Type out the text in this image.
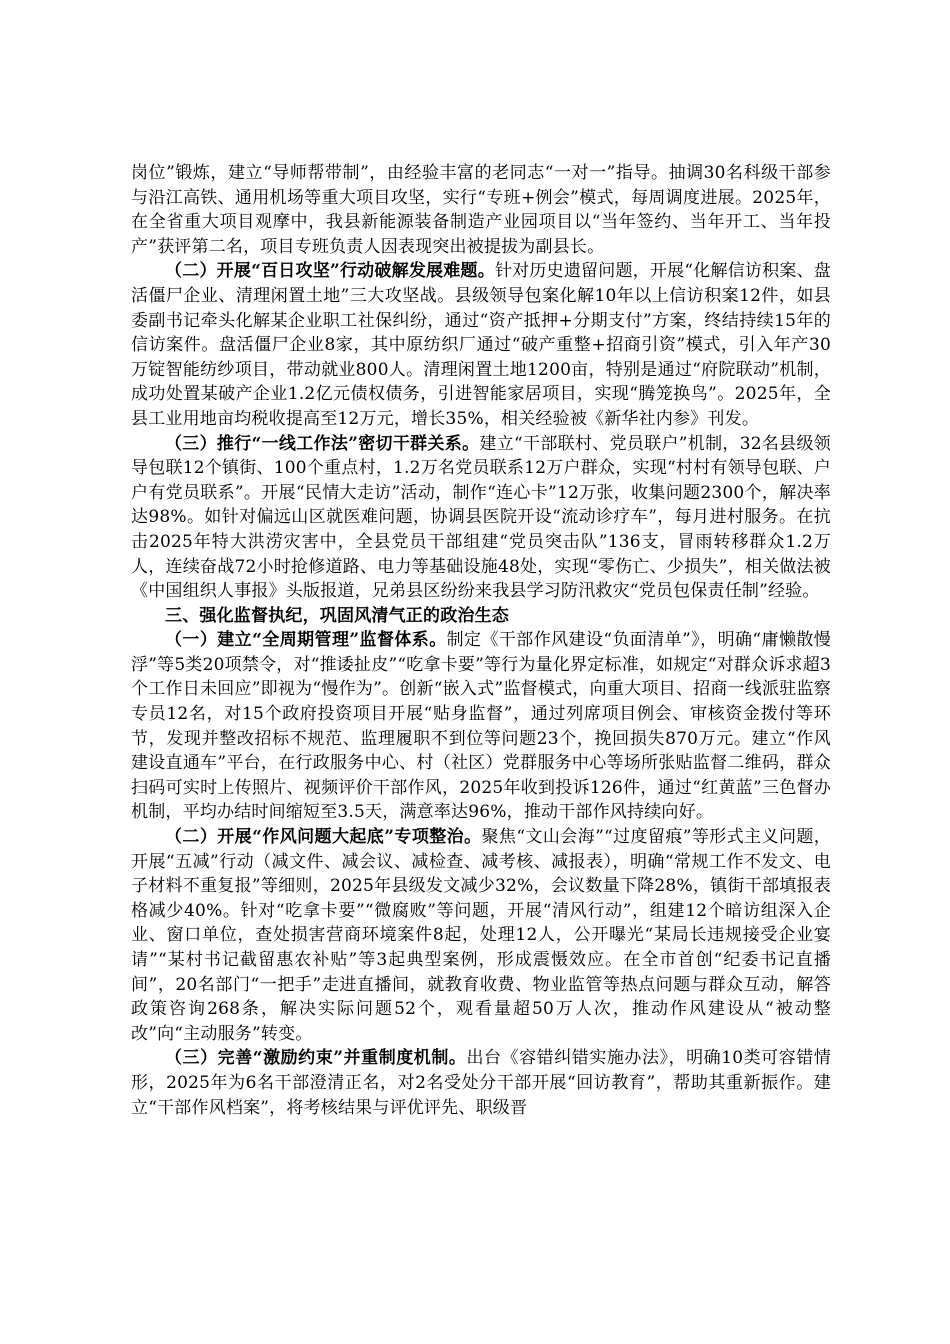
岗位”锻炼，建立“导师帮带制”，由经验丰富的老同志“一对一”指导。抽调30名科级干部参与沿江高铁、通用机场等重大项目攻坚，实行“专班+例会”模式，每周调度进展。2025年，在全省重大项目观摩中，我县新能源装备制造产业园项目以“当年签约、当年开工、当年投产”获评第二名，项目专班负责人因表现突出被提拔为副县长。

（二）开展“百日攻坚”行动破解发展难题。针对历史遗留问题，开展“化解信访积案、盘活僵尸企业、清理闲置土地”三大攻坚战。县级领导包案化解10年以上信访积案12件，如县委副书记牵头化解某企业职工社保纠纷，通过“资产抵押+分期支付”方案，终结持续15年的信访案件。盘活僵尸企业8家，其中原纺织厂通过“破产重整+招商引资”模式，引入年产30万锭智能纺纱项目，带动就业800人。清理闲置土地1200亩，特别是通过“府院联动”机制，成功处置某破产企业1.2亿元债权债务，引进智能家居项目，实现“腾笼换鸟”。2025年，全县工业用地亩均税收提高至12万元，增长35%，相关经验被《新华社内参》刊发。

（三）推行“一线工作法”密切干群关系。建立“干部联村、党员联户”机制，32名县级领导包联12个镇街、100个重点村，1.2万名党员联系12万户群众，实现“村村有领导包联、户户有党员联系”。开展“民情大走访”活动，制作“连心卡”12万张，收集问题2300个，解决率达98%。如针对偏远山区就医难问题，协调县医院开设“流动诊疗车”，每月进村服务。在抗击2025年特大洪涝灾害中，全县党员干部组建“党员突击队”136支，冒雨转移群众1.2万人，连续奋战72小时抢修道路、电力等基础设施48处，实现“零伤亡、少损失”，相关做法被《中国组织人事报》头版报道，兄弟县区纷纷来我县学习防汛救灾“党员包保责任制”经验。

三、强化监督执纪，巩固风清气正的政治生态

（一）建立“全周期管理”监督体系。制定《干部作风建设“负面清单”》，明确“庸懒散慢浮”等5类20项禁令，对“推诿扯皮”“吃拿卡要”等行为量化界定标准，如规定“对群众诉求超3个工作日未回应”即视为“慢作为”。创新“嵌入式”监督模式，向重大项目、招商一线派驻监察专员12名，对15个政府投资项目开展“贴身监督”，通过列席项目例会、审核资金拨付等环节，发现并整改招标不规范、监理履职不到位等问题23个，挽回损失870万元。建立“作风建设直通车”平台，在行政服务中心、村（社区）党群服务中心等场所张贴监督二维码，群众扫码可实时上传照片、视频评价干部作风，2025年收到投诉126件，通过“红黄蓝”三色督办机制，平均办结时间缩短至3.5天，满意率达96%，推动干部作风持续向好。

（二）开展“作风问题大起底”专项整治。聚焦“文山会海”“过度留痕”等形式主义问题，开展“五减”行动（减文件、减会议、减检查、减考核、减报表），明确“常规工作不发文、电子材料不重复报”等细则，2025年县级发文减少32%，会议数量下降28%，镇街干部填报表格减少40%。针对“吃拿卡要”“微腐败”等问题，开展“清风行动”，组建12个暗访组深入企业、窗口单位，查处损害营商环境案件8起，处理12人，公开曝光“某局长违规接受企业宴请”“某村书记截留惠农补贴”等3起典型案例，形成震慑效应。在全市首创“纪委书记直播间”，20名部门“一把手”走进直播间，就教育收费、物业监管等热点问题与群众互动，解答政策咨询268条，解决实际问题52个，观看量超50万人次，推动作风建设从“被动整改”向“主动服务”转变。

（三）完善“激励约束”并重制度机制。出台《容错纠错实施办法》，明确10类可容错情形，2025年为6名干部澄清正名，对2名受处分干部开展“回访教育”，帮助其重新振作。建立“干部作风档案”，将考核结果与评优评先、职级晋
